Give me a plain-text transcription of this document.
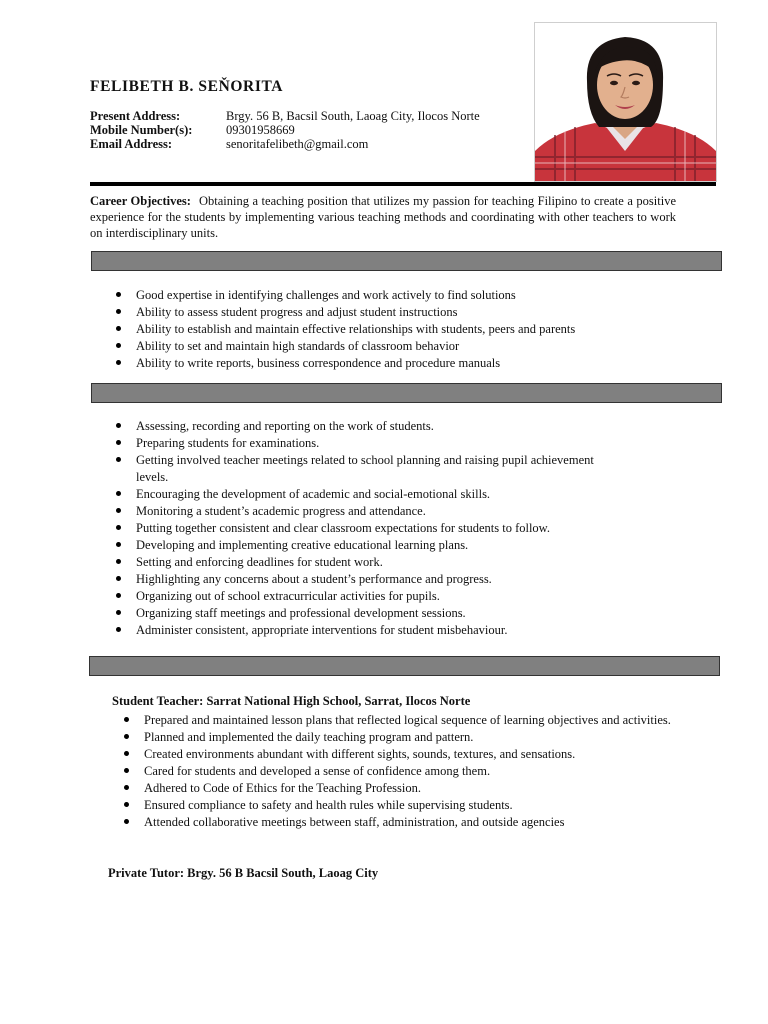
FELIBETH B. SEŇORITA
Present Address:	Brgy. 56 B, Bacsil South, Laoag City, Ilocos Norte
Mobile Number(s):	09301958669
Email Address:	senoritafelibeth@gmail.com

Career Objectives: Obtaining a teaching position that utilizes my passion for teaching Filipino to create a positive experience for the students by implementing various teaching methods and coordinating with other teachers to work on interdisciplinary units.

Good expertise in identifying challenges and work actively to find solutions
Ability to assess student progress and adjust student instructions
Ability to establish and maintain effective relationships with students, peers and parents
Ability to set and maintain high standards of classroom behavior
Ability to write reports, business correspondence and procedure manuals
Assessing, recording and reporting on the work of students.
Preparing students for examinations.
Getting involved teacher meetings related to school planning and raising pupil achievement levels.
Encouraging the development of academic and social-emotional skills.
Monitoring a student’s academic progress and attendance.
Putting together consistent and clear classroom expectations for students to follow.
Developing and implementing creative educational learning plans.
Setting and enforcing deadlines for student work.
Highlighting any concerns about a student’s performance and progress.
Organizing out of school extracurricular activities for pupils.
Organizing staff meetings and professional development sessions.
Administer consistent, appropriate interventions for student misbehaviour.

Student Teacher: Sarrat National High School, Sarrat, Ilocos Norte

Prepared and maintained lesson plans that reflected logical sequence of learning objectives and activities.
Planned and implemented the daily teaching program and pattern.
Created environments abundant with different sights, sounds, textures, and sensations.
Cared for students and developed a sense of confidence among them.
Adhered to Code of Ethics for the Teaching Profession.
Ensured compliance to safety and health rules while supervising students.
Attended collaborative meetings between staff, administration, and outside agencies

Private Tutor: Brgy. 56 B Bacsil South, Laoag City
